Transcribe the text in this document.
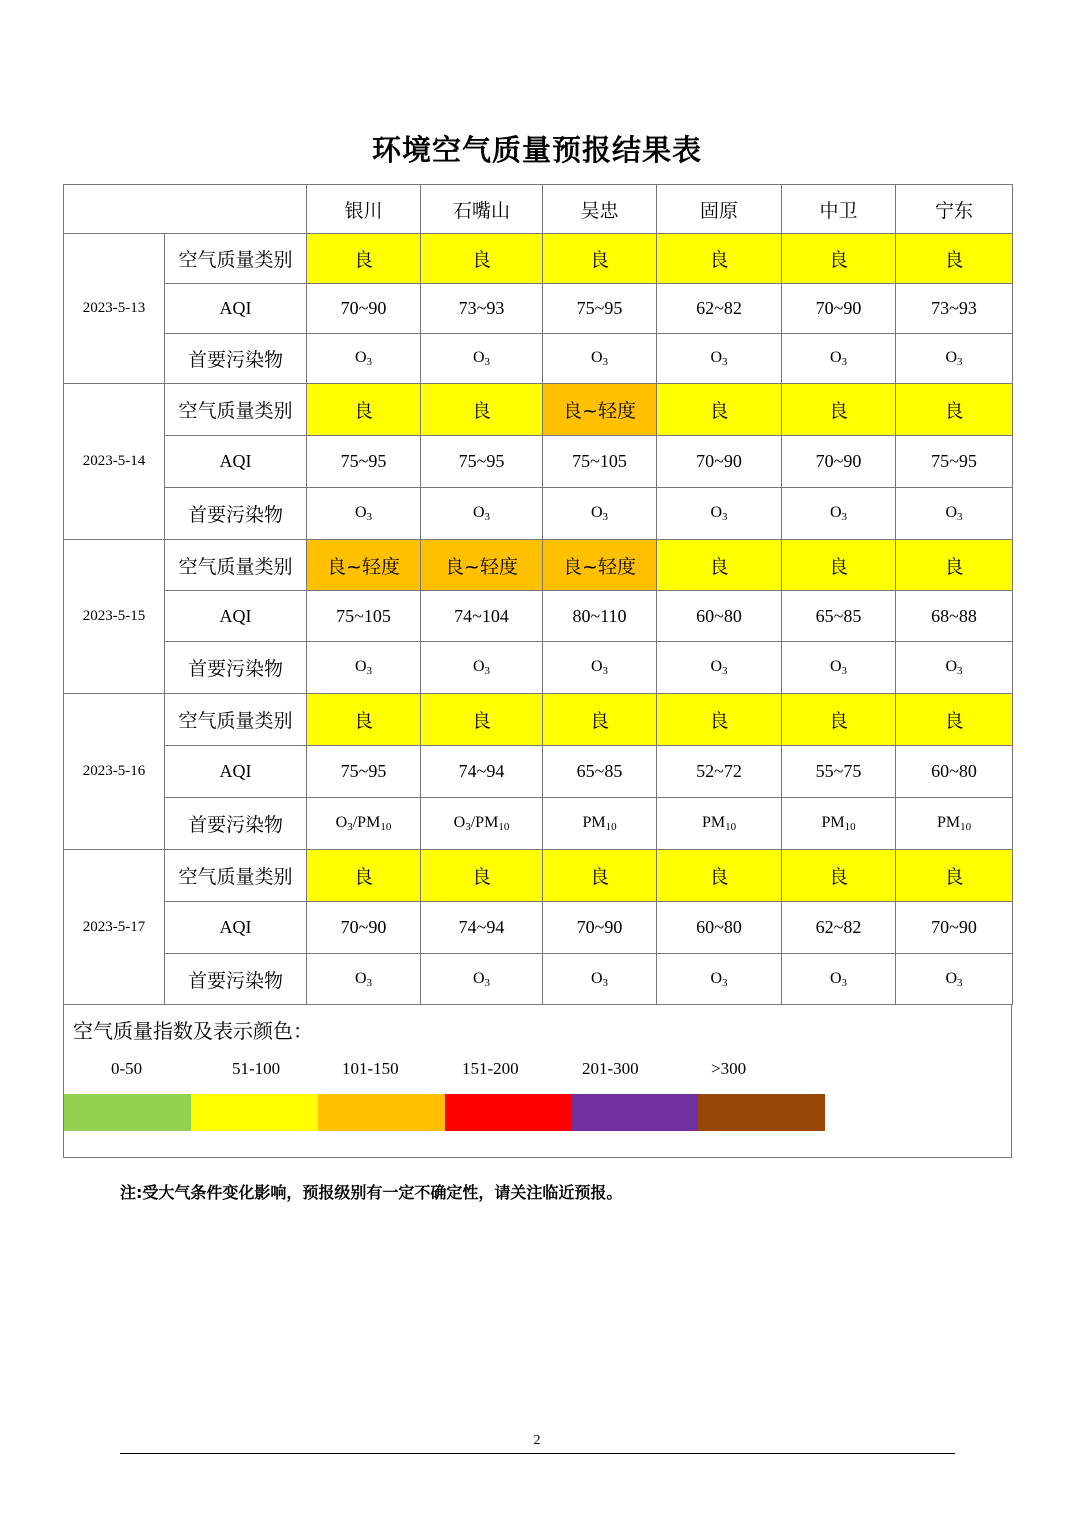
环境空气质量预报结果表
		银川	石嘴山	吴忠	固原	中卫	宁东
2023-5-13	空气质量类别	良	良	良	良	良	良
	AQI	70~90	73~93	75~95	62~82	70~90	73~93
	首要污染物	$O_3$	$O_3$	$O_3$	$O_3$	$O_3$	$O_3$
2023-5-14	空气质量类别	良	良	良~轻度	良	良	良
	AQI	75~95	75~95	75~105	70~90	70~90	75~95
	首要污染物	$O_3$	$O_3$	$O_3$	$O_3$	$O_3$	$O_3$
2023-5-15	空气质量类别	良~轻度	良~轻度	良~轻度	良	良	良
	AQI	75~105	74~104	80~110	60~80	65~85	68~88
	首要污染物	$O_3$	$O_3$	$O_3$	$O_3$	$O_3$	$O_3$
2023-5-16	空气质量类别	良	良	良	良	良	良
	AQI	75~95	74~94	65~85	52~72	55~75	60~80
	首要污染物	$O_3/PM_{10}$	$O_3/PM_{10}$	$PM_{10}$	$PM_{10}$	$PM_{10}$	$PM_{10}$
2023-5-17	空气质量类别	良	良	良	良	良	良
	AQI	70~90	74~94	70~90	60~80	62~82	70~90
	首要污染物	$O_3$	$O_3$	$O_3$	$O_3$	$O_3$	$O_3$
空气质量指数及表示颜色：
0-50	51-100	101-150	151-200	201-300	>300
注:受大气条件变化影响，预报级别有一定不确定性，请关注临近预报。
2
